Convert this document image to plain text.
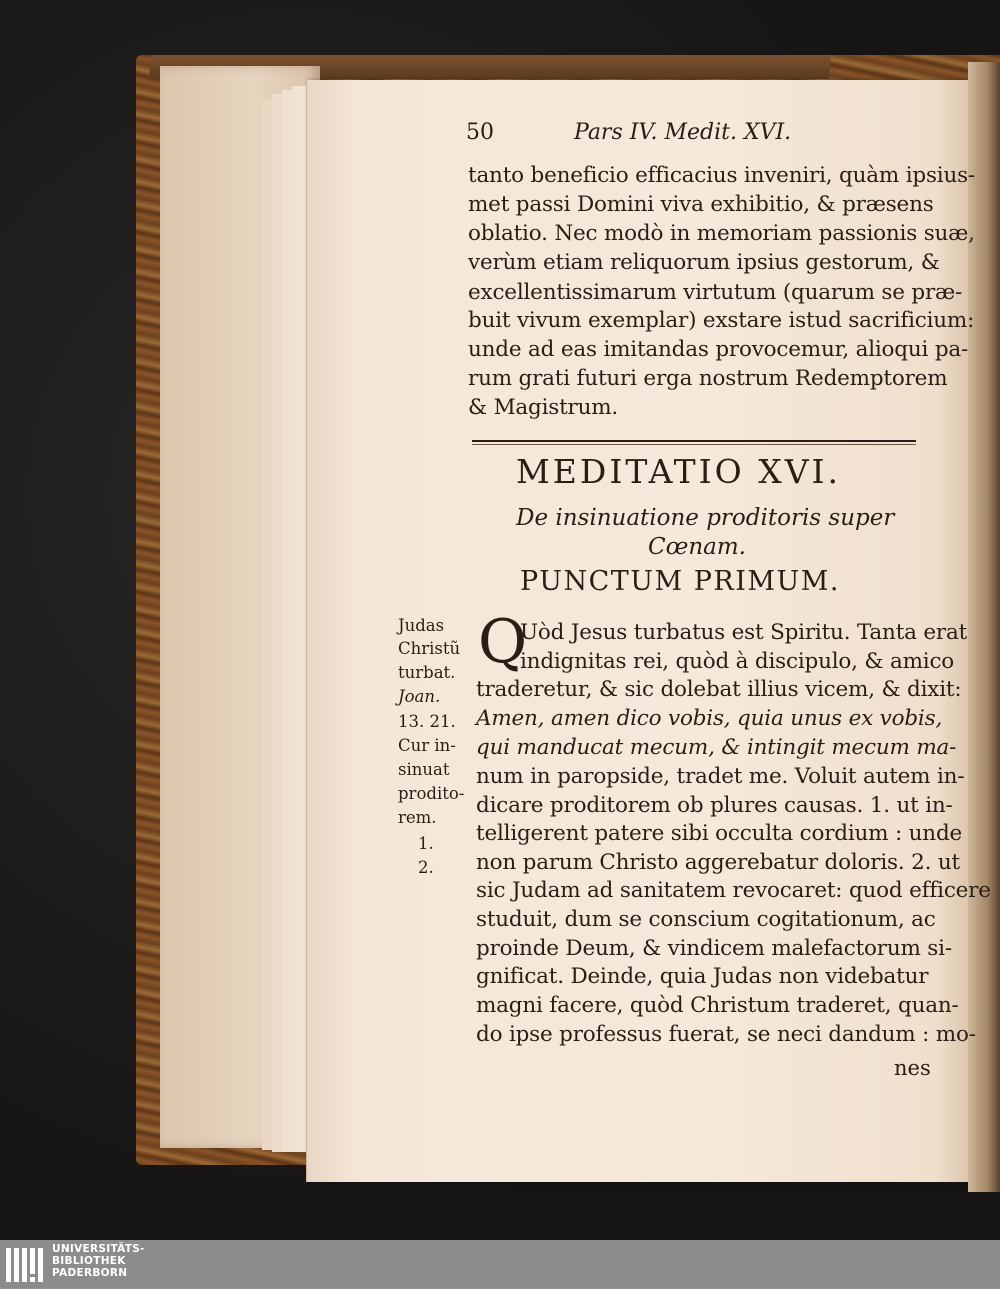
50	Pars IV. Medit. XVI.
tanto beneficio efficacius inveniri, quàm ipsius-
met passi Domini viva exhibitio, & præsens
oblatio. Nec modò in memoriam passionis suæ,
verùm etiam reliquorum ipsius gestorum, &
excellentissimarum virtutum (quarum se præ-
buit vivum exemplar) exstare istud sacrificium:
unde ad eas imitandas provocemur, alioqui pa-
rum grati futuri erga nostrum Redemptorem
& Magistrum.
MEDITATIO XVI.
De insinuatione proditoris super
Cœnam.
PUNCTUM PRIMUM.
Q
Uòd Jesus turbatus est Spiritu. Tanta erat
indignitas rei, quòd à discipulo, & amico
traderetur, & sic dolebat illius vicem, & dixit:
Amen, amen dico vobis, quia unus ex vobis,
qui manducat mecum, & intingit mecum ma-
num in paropside, tradet me. Voluit autem in-
dicare proditorem ob plures causas. 1. ut in-
telligerent patere sibi occulta cordium : unde
non parum Christo aggerebatur doloris. 2. ut
sic Judam ad sanitatem revocaret: quod efficere
studuit, dum se conscium cogitationum, ac
proinde Deum, & vindicem malefactorum si-
gnificat. Deinde, quia Judas non videbatur
magni facere, quòd Christum traderet, quan-
do ipse professus fuerat, se neci dandum : mo-
nes
Judas
Christũ
turbat.
Joan.
13. 21.
Cur in-
sinuat
prodito-
rem.
1.
2.
UNIVERSITÄTS-
BIBLIOTHEK
PADERBORN
